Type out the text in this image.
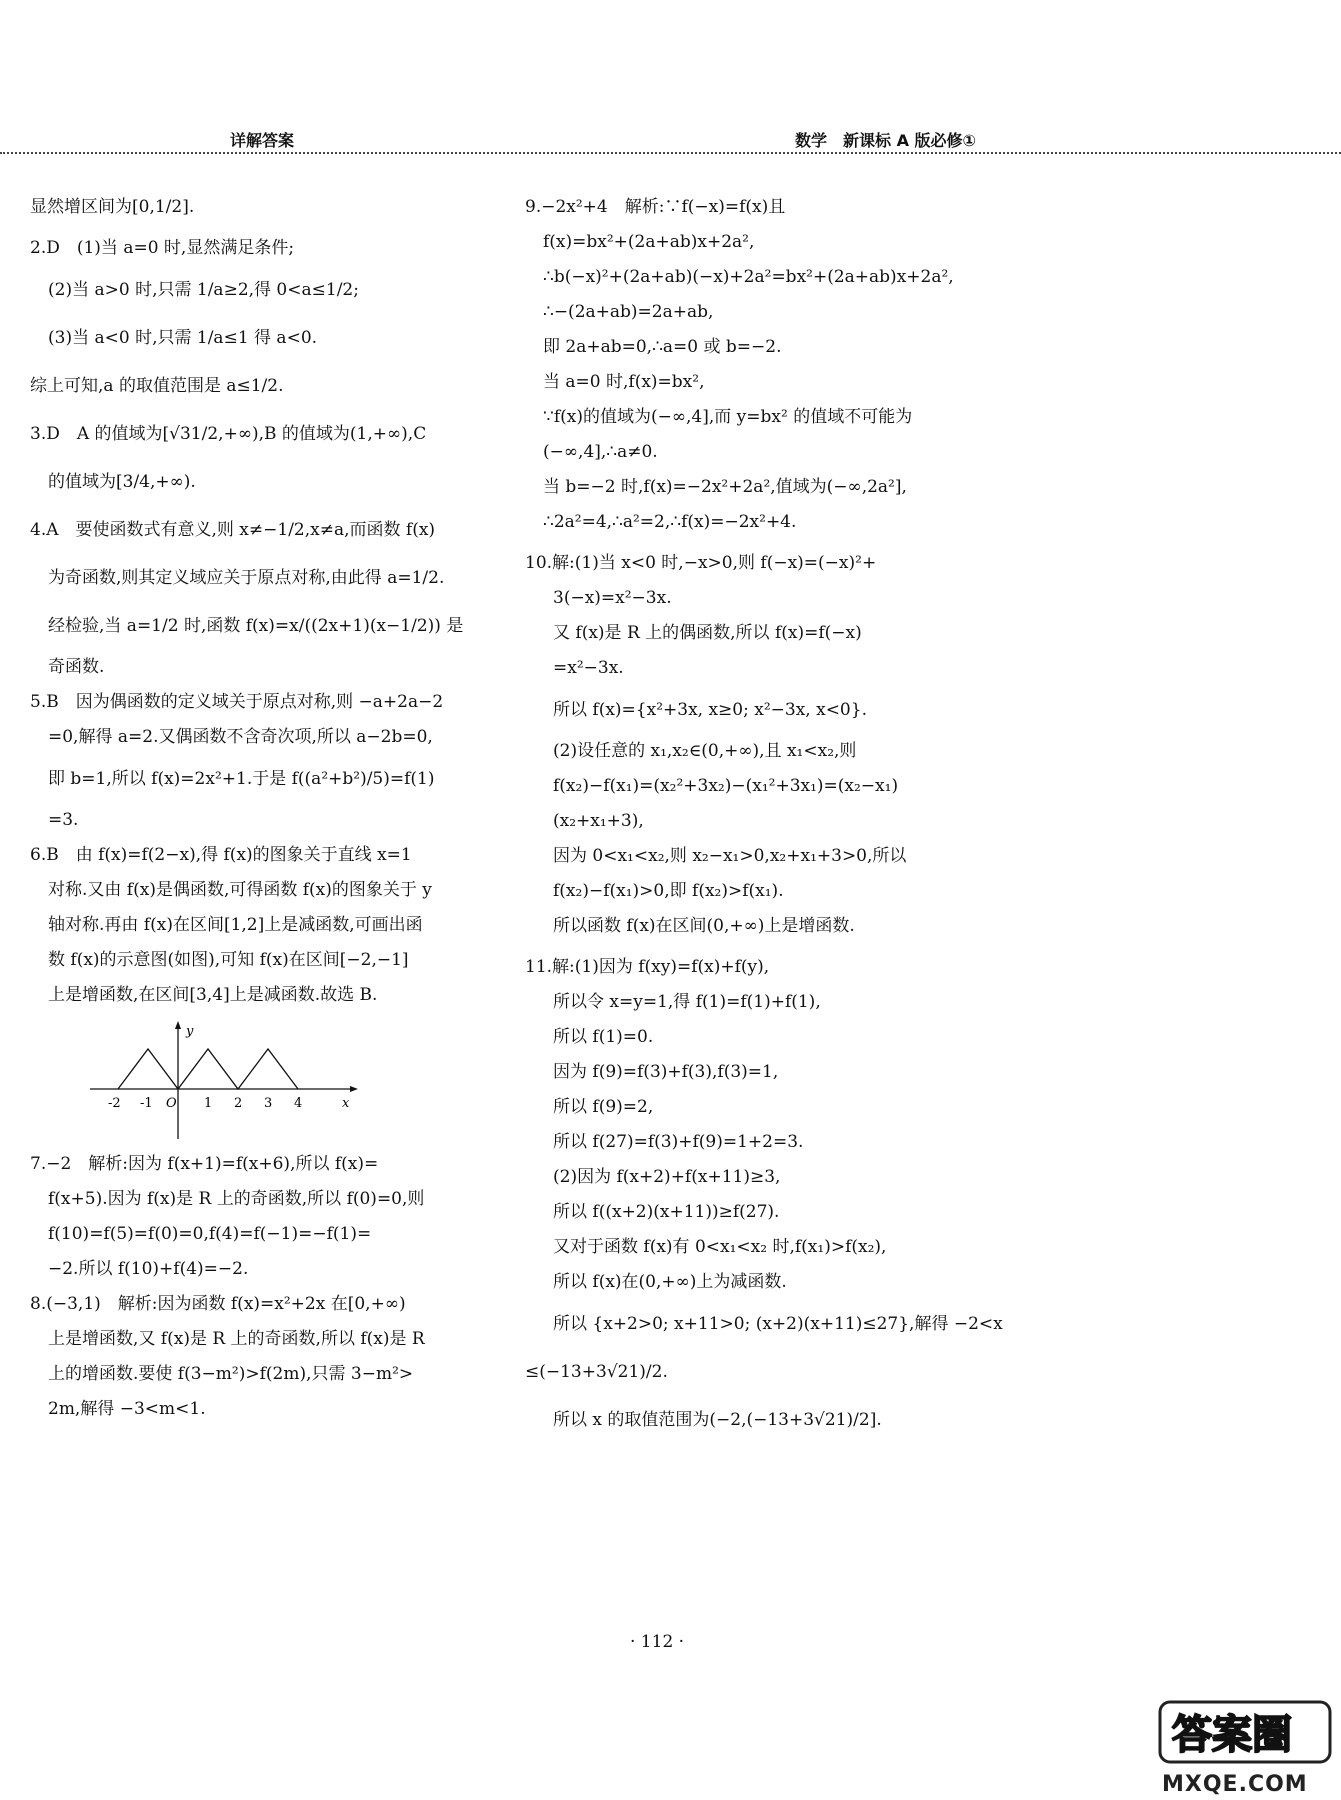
详解答案	数学　新课标 A 版必修①

显然增区间为[0,1/2].

2.D　(1)当 a=0 时,显然满足条件;

(2)当 a>0 时,只需 1/a≥2,得 0<a≤1/2;

(3)当 a<0 时,只需 1/a≤1 得 a<0.

综上可知,a 的取值范围是 a≤1/2.

3.D　A 的值域为[√31/2,+∞),B 的值域为(1,+∞),C

的值域为[3/4,+∞).

4.A　要使函数式有意义,则 x≠−1/2,x≠a,而函数 f(x)

为奇函数,则其定义域应关于原点对称,由此得 a=1/2.

经检验,当 a=1/2 时,函数 f(x)=x/((2x+1)(x−1/2)) 是

奇函数.

5.B　因为偶函数的定义域关于原点对称,则 −a+2a−2

=0,解得 a=2.又偶函数不含奇次项,所以 a−2b=0,

即 b=1,所以 f(x)=2x²+1.于是 f((a²+b²)/5)=f(1)

=3.

6.B　由 f(x)=f(2−x),得 f(x)的图象关于直线 x=1

对称.又由 f(x)是偶函数,可得函数 f(x)的图象关于 y

轴对称.再由 f(x)在区间[1,2]上是减函数,可画出函

数 f(x)的示意图(如图),可知 f(x)在区间[−2,−1]

上是增函数,在区间[3,4]上是减函数.故选 B.

-2 -1 O 1 2 3 4	x
y

7.−2　解析:因为 f(x+1)=f(x+6),所以 f(x)=

f(x+5).因为 f(x)是 R 上的奇函数,所以 f(0)=0,则

f(10)=f(5)=f(0)=0,f(4)=f(−1)=−f(1)=

−2.所以 f(10)+f(4)=−2.

8.(−3,1)　解析:因为函数 f(x)=x²+2x 在[0,+∞)

上是增函数,又 f(x)是 R 上的奇函数,所以 f(x)是 R

上的增函数.要使 f(3−m²)>f(2m),只需 3−m²>

2m,解得 −3<m<1.

9.−2x²+4　解析:∵f(−x)=f(x)且

f(x)=bx²+(2a+ab)x+2a²,

∴b(−x)²+(2a+ab)(−x)+2a²=bx²+(2a+ab)x+2a²,

∴−(2a+ab)=2a+ab,

即 2a+ab=0,∴a=0 或 b=−2.

当 a=0 时,f(x)=bx²,

∵f(x)的值域为(−∞,4],而 y=bx² 的值域不可能为

(−∞,4],∴a≠0.

当 b=−2 时,f(x)=−2x²+2a²,值域为(−∞,2a²],

∴2a²=4,∴a²=2,∴f(x)=−2x²+4.

10.解:(1)当 x<0 时,−x>0,则 f(−x)=(−x)²+

3(−x)=x²−3x.

又 f(x)是 R 上的偶函数,所以 f(x)=f(−x)

=x²−3x.

所以 f(x)={x²+3x, x≥0; x²−3x, x<0}.

(2)设任意的 x₁,x₂∈(0,+∞),且 x₁<x₂,则

f(x₂)−f(x₁)=(x₂²+3x₂)−(x₁²+3x₁)=(x₂−x₁)

(x₂+x₁+3),

因为 0<x₁<x₂,则 x₂−x₁>0,x₂+x₁+3>0,所以

f(x₂)−f(x₁)>0,即 f(x₂)>f(x₁).

所以函数 f(x)在区间(0,+∞)上是增函数.

11.解:(1)因为 f(xy)=f(x)+f(y),

所以令 x=y=1,得 f(1)=f(1)+f(1),

所以 f(1)=0.

因为 f(9)=f(3)+f(3),f(3)=1,

所以 f(9)=2,

所以 f(27)=f(3)+f(9)=1+2=3.

(2)因为 f(x+2)+f(x+11)≥3,

所以 f((x+2)(x+11))≥f(27).

又对于函数 f(x)有 0<x₁<x₂ 时,f(x₁)>f(x₂),

所以 f(x)在(0,+∞)上为减函数.

所以 {x+2>0; x+11>0; (x+2)(x+11)≤27},解得 −2<x

≤(−13+3√21)/2.

所以 x 的取值范围为(−2,(−13+3√21)/2].

· 112 ·
答案圈
MXQE.COM
